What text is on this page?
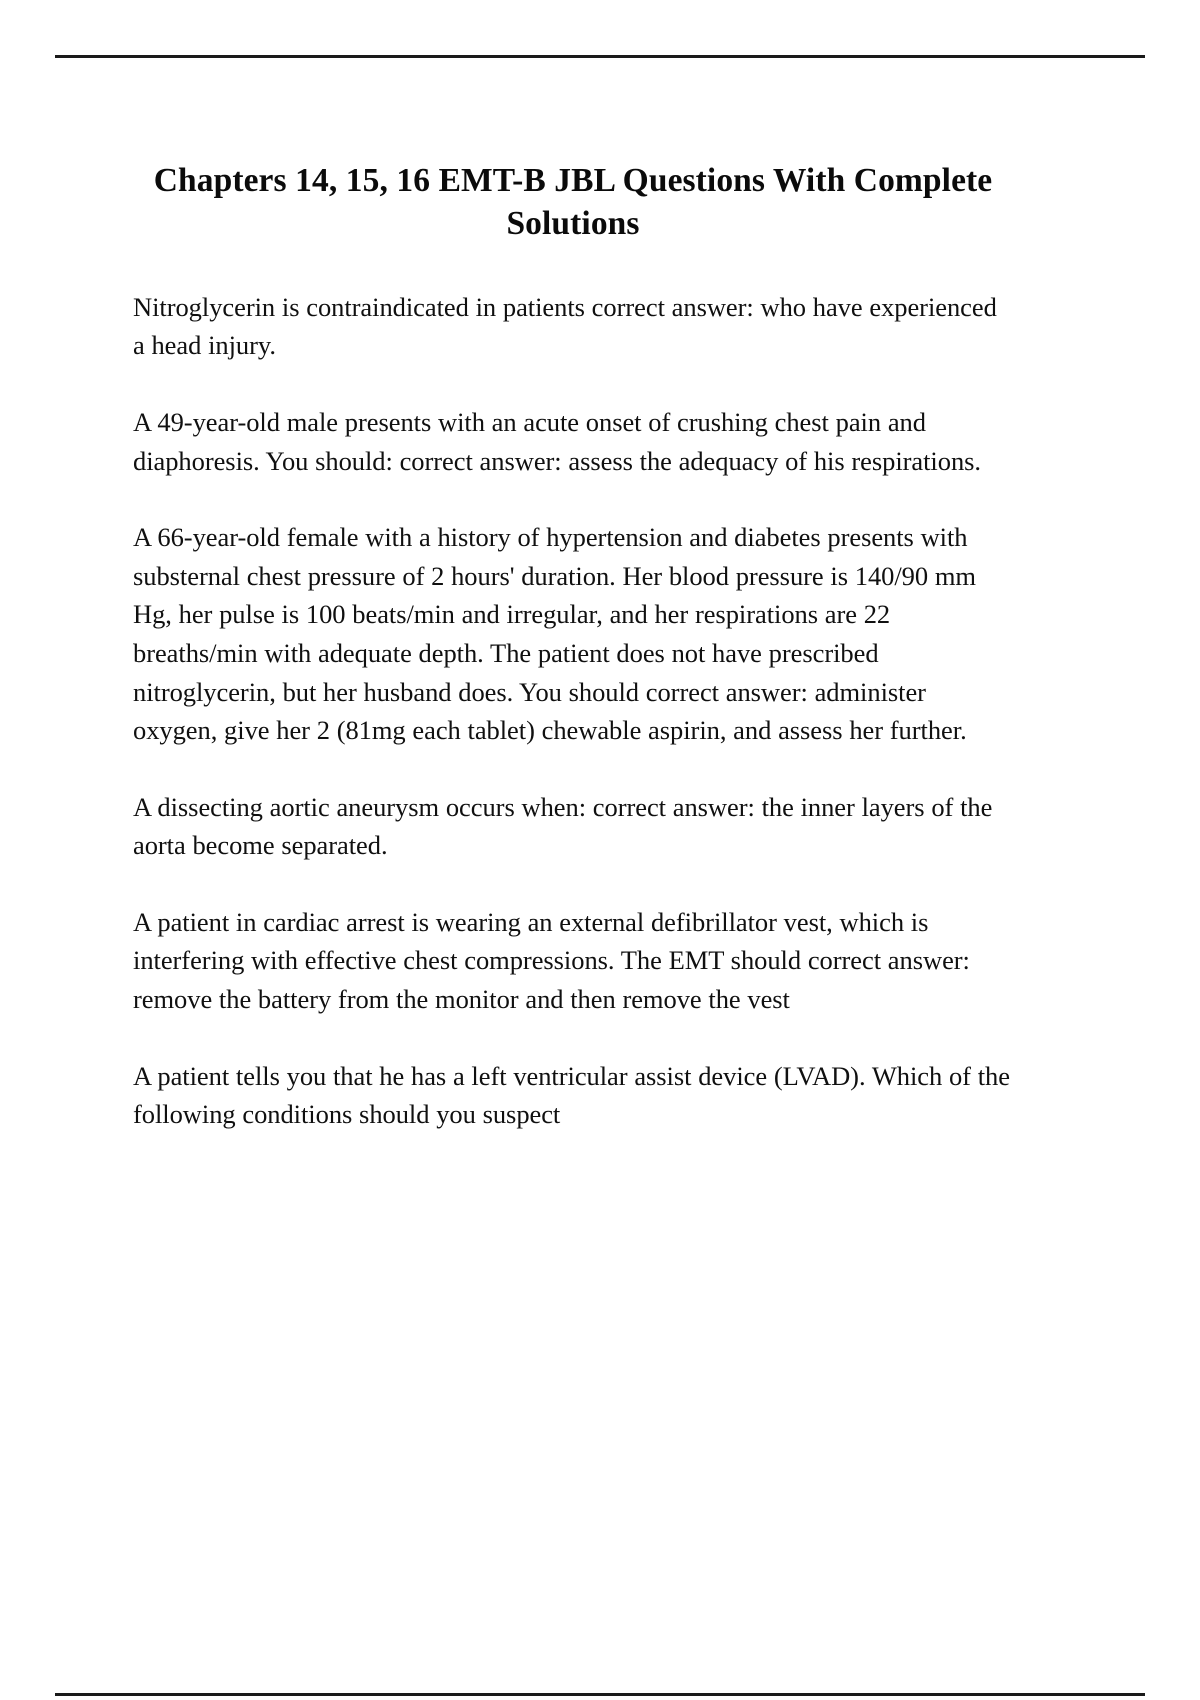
Chapters 14, 15, 16 EMT-B JBL Questions With Complete Solutions

Nitroglycerin is contraindicated in patients correct answer: who have experienced a head injury.

A 49-year-old male presents with an acute onset of crushing chest pain and diaphoresis. You should: correct answer: assess the adequacy of his respirations.

A 66-year-old female with a history of hypertension and diabetes presents with substernal chest pressure of 2 hours' duration. Her blood pressure is 140/90 mm Hg, her pulse is 100 beats/min and irregular, and her respirations are 22 breaths/min with adequate depth. The patient does not have prescribed nitroglycerin, but her husband does. You should correct answer: administer oxygen, give her 2 (81mg each tablet) chewable aspirin, and assess her further.

A dissecting aortic aneurysm occurs when: correct answer: the inner layers of the aorta become separated.

A patient in cardiac arrest is wearing an external defibrillator vest, which is interfering with effective chest compressions. The EMT should correct answer: remove the battery from the monitor and then remove the vest

A patient tells you that he has a left ventricular assist device (LVAD). Which of the following conditions should you suspect
